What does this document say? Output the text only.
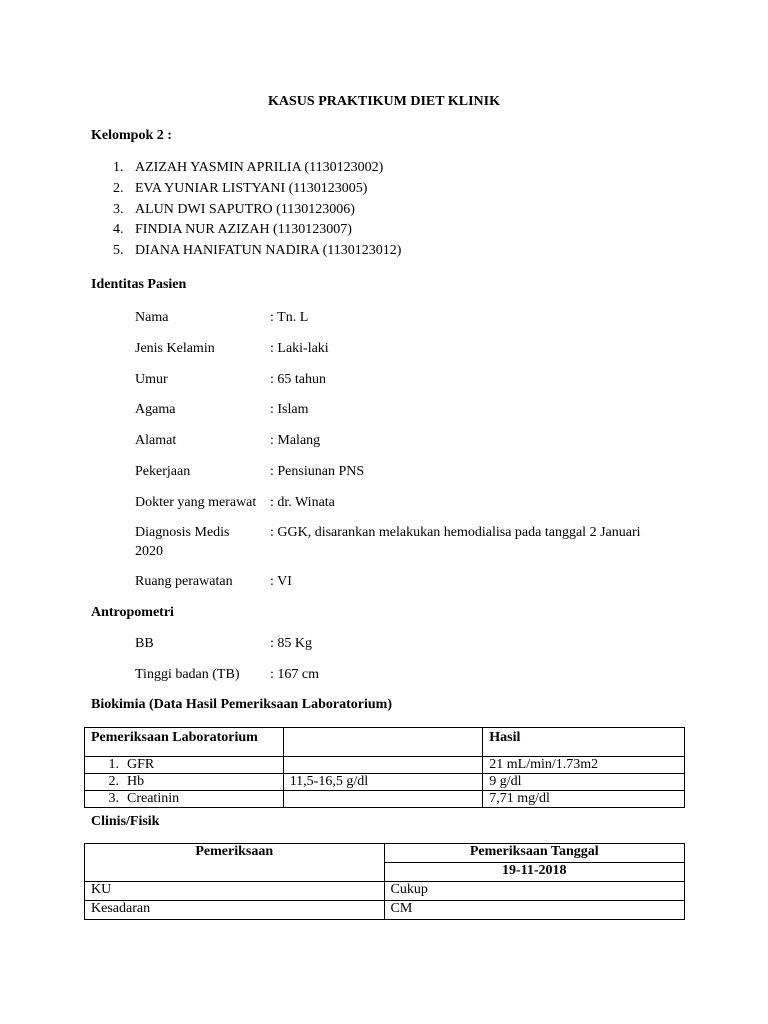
KASUS PRAKTIKUM DIET KLINIK
Kelompok 2 :
1. AZIZAH YASMIN APRILIA (1130123002)
2. EVA YUNIAR LISTYANI (1130123005)
3. ALUN DWI SAPUTRO (1130123006)
4. FINDIA NUR AZIZAH (1130123007)
5. DIANA HANIFATUN NADIRA (1130123012)
Identitas Pasien
Nama	: Tn. L
Jenis Kelamin	: Laki-laki
Umur	: 65 tahun
Agama	: Islam
Alamat	: Malang
Pekerjaan	: Pensiunan PNS
Dokter yang merawat : dr. Winata
Diagnosis Medis	: GGK, disarankan melakukan hemodialisa pada tanggal 2 Januari
2020
Ruang perawatan	: VI
Antropometri
BB	: 85 Kg
Tinggi badan (TB) : 167 cm
Biokimia (Data Hasil Pemeriksaan Laboratorium)
Pemeriksaan Laboratorium		Hasil
1. GFR		21 mL/min/1.73m2
2. Hb	11,5-16,5 g/dl	9 g/dl
3. Creatinin		7,71 mg/dl
Clinis/Fisik
Pemeriksaan	Pemeriksaan Tanggal
	19-11-2018
KU	Cukup
Kesadaran	CM
